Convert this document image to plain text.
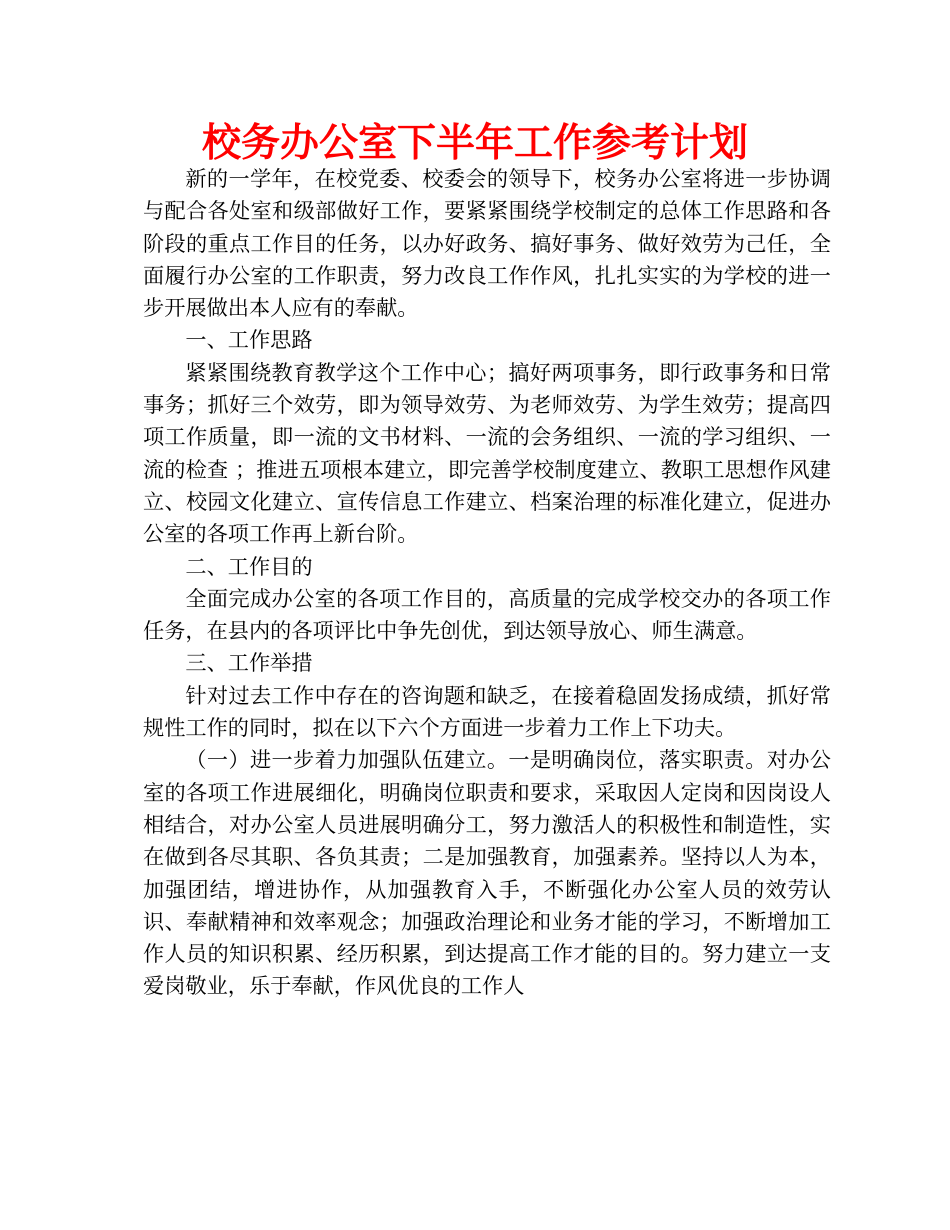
校务办公室下半年工作参考计划

新的一学年，在校党委、校委会的领导下，校务办公室将进一步协调与配合各处室和级部做好工作，要紧紧围绕学校制定的总体工作思路和各阶段的重点工作目的任务，以办好政务、搞好事务、做好效劳为己任，全面履行办公室的工作职责，努力改良工作作风，扎扎实实的为学校的进一步开展做出本人应有的奉献。

一、工作思路

紧紧围绕教育教学这个工作中心；搞好两项事务，即行政事务和日常事务；抓好三个效劳，即为领导效劳、为老师效劳、为学生效劳；提高四项工作质量，即一流的文书材料、一流的会务组织、一流的学习组织、一流的检查 ；推进五项根本建立，即完善学校制度建立、教职工思想作风建立、校园文化建立、宣传信息工作建立、档案治理的标准化建立，促进办公室的各项工作再上新台阶。

二、工作目的

全面完成办公室的各项工作目的，高质量的完成学校交办的各项工作任务，在县内的各项评比中争先创优，到达领导放心、师生满意。

三、工作举措

针对过去工作中存在的咨询题和缺乏，在接着稳固发扬成绩，抓好常规性工作的同时，拟在以下六个方面进一步着力工作上下功夫。

（一）进一步着力加强队伍建立。一是明确岗位，落实职责。对办公室的各项工作进展细化，明确岗位职责和要求，采取因人定岗和因岗设人相结合，对办公室人员进展明确分工，努力激活人的积极性和制造性，实在做到各尽其职、各负其责；二是加强教育，加强素养。坚持以人为本，加强团结，增进协作，从加强教育入手，不断强化办公室人员的效劳认识、奉献精神和效率观念；加强政治理论和业务才能的学习，不断增加工作人员的知识积累、经历积累，到达提高工作才能的目的。努力建立一支爱岗敬业，乐于奉献，作风优良的工作人
